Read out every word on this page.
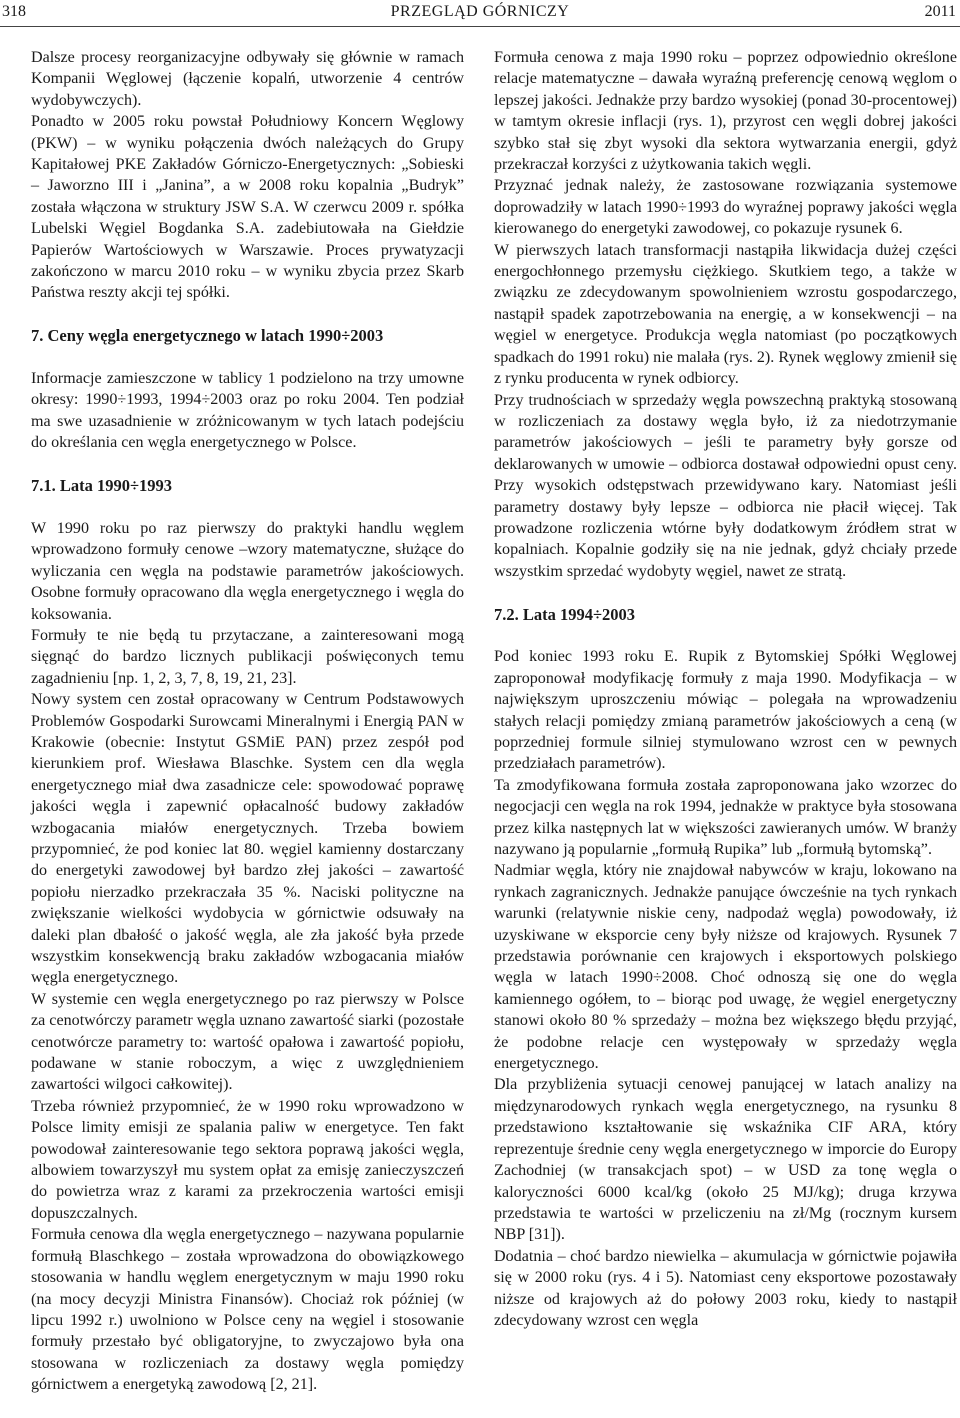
318	PRZEGLĄD GÓRNICZY	2011

Dalsze procesy reorganizacyjne odbywały się głównie w ramach Kompanii Węglowej (łączenie kopalń, utworzenie 4 centrów wydobywczych).

Ponadto w 2005 roku powstał Południowy Koncern Węglowy (PKW) – w wyniku połączenia dwóch należących do Grupy Kapitałowej PKE Zakładów Górniczo-Energetycznych: „Sobieski – Jaworzno III i „Janina”, a w 2008 roku kopalnia „Budryk” została włączona w struktury JSW S.A. W czerwcu 2009 r. spółka Lubelski Węgiel Bogdanka S.A. zadebiutowała na Giełdzie Papierów Wartościowych w Warszawie. Proces prywatyzacji zakończono w marcu 2010 roku – w wyniku zbycia przez Skarb Państwa reszty akcji tej spółki.

7. Ceny węgla energetycznego w latach 1990÷2003

Informacje zamieszczone w tablicy 1 podzielono na trzy umowne okresy: 1990÷1993, 1994÷2003 oraz po roku 2004. Ten podział ma swe uzasadnienie w zróżnicowanym w tych latach podejściu do określania cen węgla energetycznego w Polsce.

7.1. Lata 1990÷1993

W 1990 roku po raz pierwszy do praktyki handlu węglem wprowadzono formuły cenowe –wzory matematyczne, służące do wyliczania cen węgla na podstawie parametrów jakościowych. Osobne formuły opracowano dla węgla energetycznego i węgla do koksowania.

Formuły te nie będą tu przytaczane, a zainteresowani mogą sięgnąć do bardzo licznych publikacji poświęconych temu zagadnieniu [np. 1, 2, 3, 7, 8, 19, 21, 23].

Nowy system cen został opracowany w Centrum Podstawowych Problemów Gospodarki Surowcami Mineralnymi i Energią PAN w Krakowie (obecnie: Instytut GSMiE PAN) przez zespół pod kierunkiem prof. Wiesława Blaschke. System cen dla węgla energetycznego miał dwa zasadnicze cele: spowodować poprawę jakości węgla i zapewnić opłacalność budowy zakładów wzbogacania miałów energetycznych. Trzeba bowiem przypomnieć, że pod koniec lat 80. węgiel kamienny dostarczany do energetyki zawodowej był bardzo złej jakości – zawartość popiołu nierzadko przekraczała 35 %. Naciski polityczne na zwiększanie wielkości wydobycia w górnictwie odsuwały na daleki plan dbałość o jakość węgla, ale zła jakość była przede wszystkim konsekwencją braku zakładów wzbogacania miałów węgla energetycznego.

W systemie cen węgla energetycznego po raz pierwszy w Polsce za cenotwórczy parametr węgla uznano zawartość siarki (pozostałe cenotwórcze parametry to: wartość opałowa i zawartość popiołu, podawane w stanie roboczym, a więc z uwzględnieniem zawartości wilgoci całkowitej).

Trzeba również przypomnieć, że w 1990 roku wprowadzono w Polsce limity emisji ze spalania paliw w energetyce. Ten fakt powodował zainteresowanie tego sektora poprawą jakości węgla, albowiem towarzyszył mu system opłat za emisję zanieczyszczeń do powietrza wraz z karami za przekroczenia wartości emisji dopuszczalnych.

Formuła cenowa dla węgla energetycznego – nazywana popularnie formułą Blaschkego – została wprowadzona do obowiązkowego stosowania w handlu węglem energetycznym w maju 1990 roku (na mocy decyzji Ministra Finansów). Chociaż rok później (w lipcu 1992 r.) uwolniono w Polsce ceny na węgiel i stosowanie formuły przestało być obligatoryjne, to zwyczajowo była ona stosowana w rozliczeniach za dostawy węgla pomiędzy górnictwem a energetyką zawodową [2, 21].

Formuła cenowa z maja 1990 roku – poprzez odpowiednio określone relacje matematyczne – dawała wyraźną preferencję cenową węglom o lepszej jakości. Jednakże przy bardzo wysokiej (ponad 30-procentowej) w tamtym okresie inflacji (rys. 1), przyrost cen węgli dobrej jakości szybko stał się zbyt wysoki dla sektora wytwarzania energii, gdyż przekraczał korzyści z użytkowania takich węgli.

Przyznać jednak należy, że zastosowane rozwiązania systemowe doprowadziły w latach 1990÷1993 do wyraźnej poprawy jakości węgla kierowanego do energetyki zawodowej, co pokazuje rysunek 6.

W pierwszych latach transformacji nastąpiła likwidacja dużej części energochłonnego przemysłu ciężkiego. Skutkiem tego, a także w związku ze zdecydowanym spowolnieniem wzrostu gospodarczego, nastąpił spadek zapotrzebowania na energię, a w konsekwencji – na węgiel w energetyce. Produkcja węgla natomiast (po początkowych spadkach do 1991 roku) nie malała (rys. 2). Rynek węglowy zmienił się z rynku producenta w rynek odbiorcy.

Przy trudnościach w sprzedaży węgla powszechną praktyką stosowaną w rozliczeniach za dostawy węgla było, iż za niedotrzymanie parametrów jakościowych – jeśli te parametry były gorsze od deklarowanych w umowie – odbiorca dostawał odpowiedni opust ceny. Przy wysokich odstępstwach przewidywano kary. Natomiast jeśli parametry dostawy były lepsze – odbiorca nie płacił więcej. Tak prowadzone rozliczenia wtórne były dodatkowym źródłem strat w kopalniach. Kopalnie godziły się na nie jednak, gdyż chciały przede wszystkim sprzedać wydobyty węgiel, nawet ze stratą.

7.2. Lata 1994÷2003

Pod koniec 1993 roku E. Rupik z Bytomskiej Spółki Węglowej zaproponował modyfikację formuły z maja 1990. Modyfikacja – w największym uproszczeniu mówiąc – polegała na wprowadzeniu stałych relacji pomiędzy zmianą parametrów jakościowych a ceną (w poprzedniej formule silniej stymulowano wzrost cen w pewnych przedziałach parametrów).

Ta zmodyfikowana formuła została zaproponowana jako wzorzec do negocjacji cen węgla na rok 1994, jednakże w praktyce była stosowana przez kilka następnych lat w większości zawieranych umów. W branży nazywano ją popularnie „formułą Rupika” lub „formułą bytomską”.

Nadmiar węgla, który nie znajdował nabywców w kraju, lokowano na rynkach zagranicznych. Jednakże panujące ówcześnie na tych rynkach warunki (relatywnie niskie ceny, nadpodaż węgla) powodowały, iż uzyskiwane w eksporcie ceny były niższe od krajowych. Rysunek 7 przedstawia porównanie cen krajowych i eksportowych polskiego węgla w latach 1990÷2008. Choć odnoszą się one do węgla kamiennego ogółem, to – biorąc pod uwagę, że węgiel energetyczny stanowi około 80 % sprzedaży – można bez większego błędu przyjąć, że podobne relacje cen występowały w sprzedaży węgla energetycznego.

Dla przybliżenia sytuacji cenowej panującej w latach analizy na międzynarodowych rynkach węgla energetycznego, na rysunku 8 przedstawiono kształtowanie się wskaźnika CIF ARA, który reprezentuje średnie ceny węgla energetycznego w imporcie do Europy Zachodniej (w transakcjach spot) – w USD za tonę węgla o kaloryczności 6000 kcal/kg (około 25 MJ/kg); druga krzywa przedstawia te wartości w przeliczeniu na zł/Mg (rocznym kursem NBP [31]).

Dodatnia – choć bardzo niewielka – akumulacja w górnictwie pojawiła się w 2000 roku (rys. 4 i 5). Natomiast ceny eksportowe pozostawały niższe od krajowych aż do połowy 2003 roku, kiedy to nastąpił zdecydowany wzrost cen węgla
